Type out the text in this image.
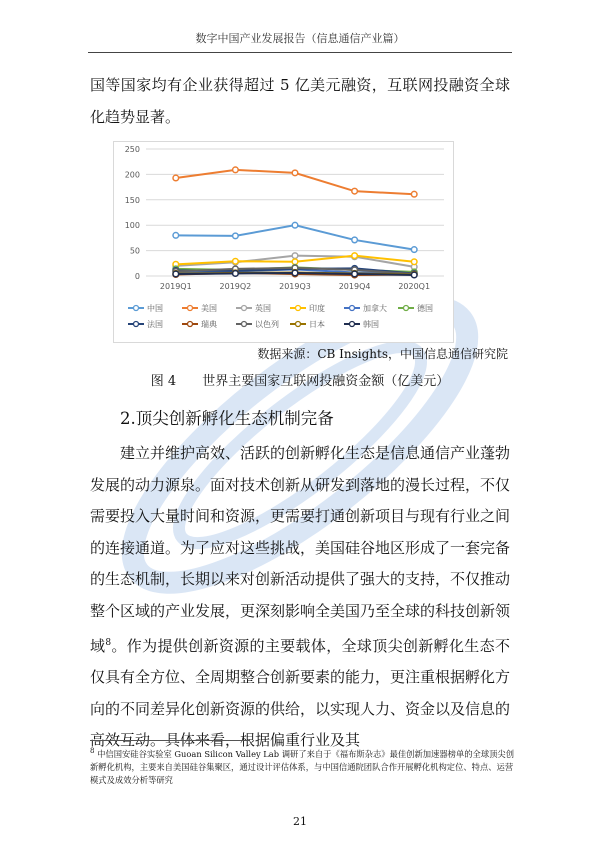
数字中国产业发展报告（信息通信产业篇）

国等国家均有企业获得超过 5 亿美元融资，互联网投融资全球化趋势显著。

0
50
100
150
200
250
2019Q1	2019Q2	2019Q3	2019Q4	2020Q1
中国	美国	英国	印度	加拿大	德国
法国	瑞典	以色列	日本	韩国
数据来源：CB Insights，中国信息通信研究院
图 4　　世界主要国家互联网投融资金额（亿美元）
2.顶尖创新孵化生态机制完备

建立并维护高效、活跃的创新孵化生态是信息通信产业蓬勃发展的动力源泉。面对技术创新从研发到落地的漫长过程，不仅需要投入大量时间和资源，更需要打通创新项目与现有行业之间的连接通道。为了应对这些挑战，美国硅谷地区形成了一套完备的生态机制，长期以来对创新活动提供了强大的支持，不仅推动整个区域的产业发展，更深刻影响全美国乃至全球的科技创新领域$^8$。作为提供创新资源的主要载体，全球顶尖创新孵化生态不仅具有全方位、全周期整合创新要素的能力，更注重根据孵化方向的不同差异化创新资源的供给，以实现人力、资金以及信息的高效互动。具体来看，根据偏重行业及其

$^8$ 中信国安硅谷实验室 Guoan Silicon Valley Lab 调研了来自于《福布斯杂志》最佳创新加速器榜单的全球顶尖创新孵化机构，主要来自美国硅谷集聚区，通过设计评估体系，与中国信通院团队合作开展孵化机构定位、特点、运营模式及成效分析等研究

21
